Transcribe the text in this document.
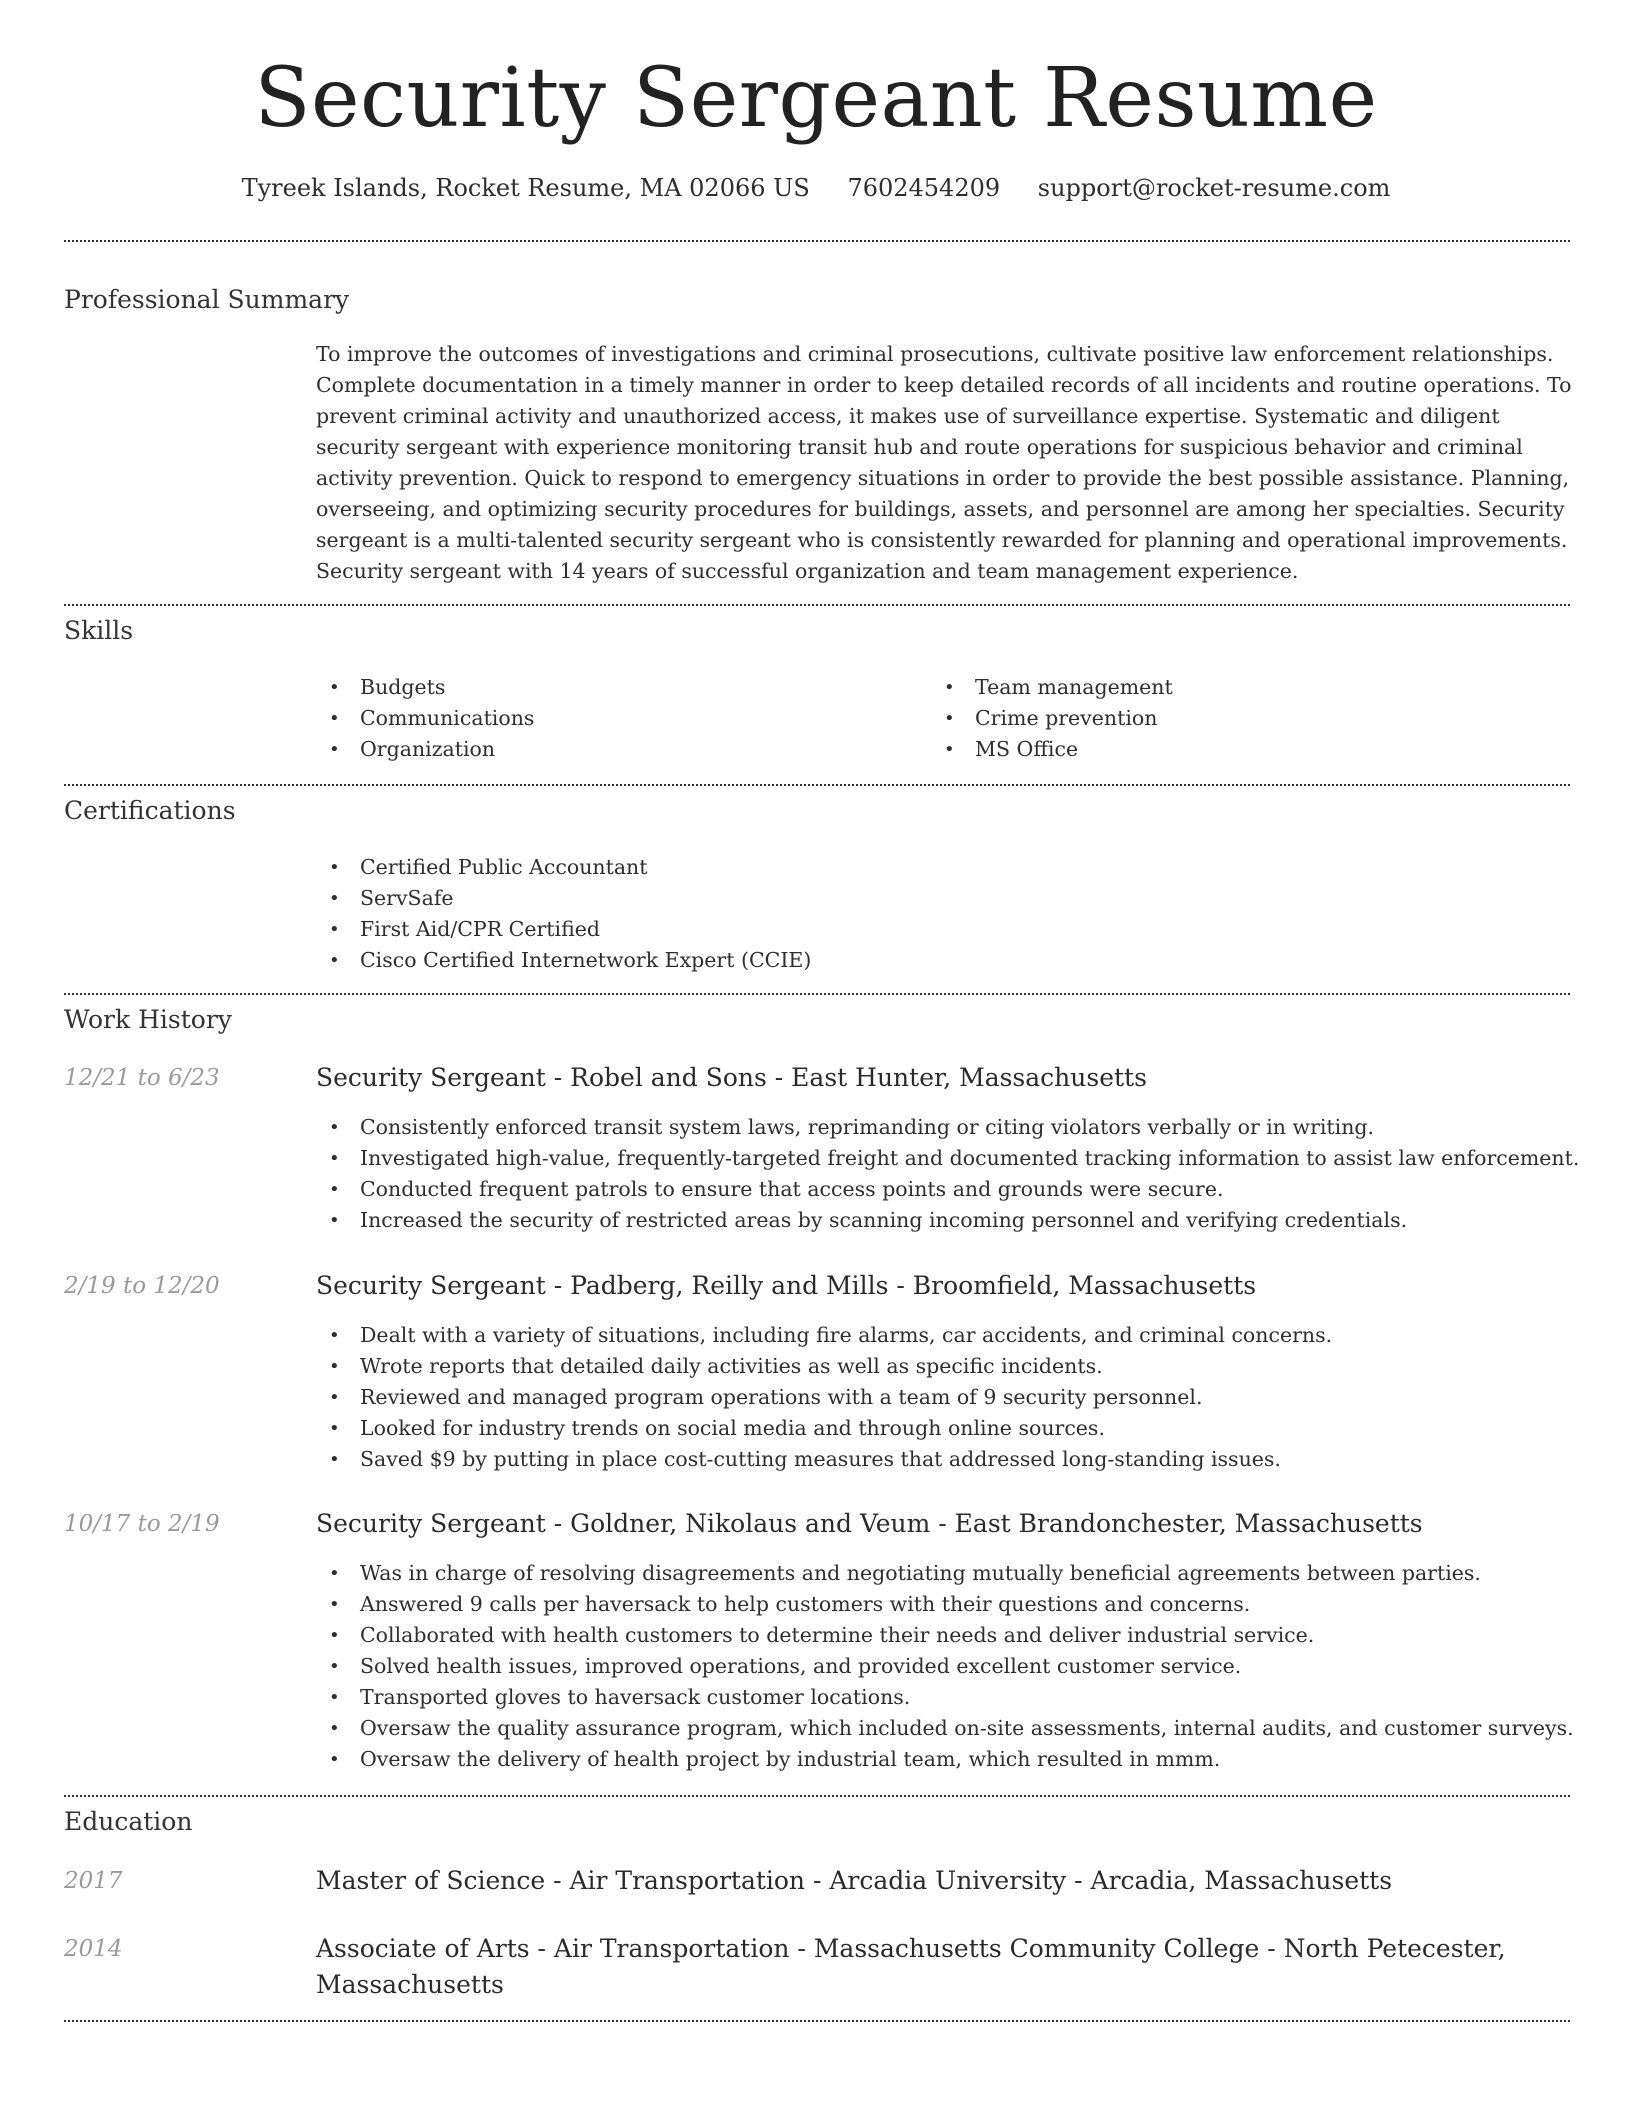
Security Sergeant Resume
Tyreek Islands, Rocket Resume, MA 02066 US 7602454209 support@rocket-resume.com
Professional Summary

To improve the outcomes of investigations and criminal prosecutions, cultivate positive law enforcement relationships. Complete documentation in a timely manner in order to keep detailed records of all incidents and routine operations. To prevent criminal activity and unauthorized access, it makes use of surveillance expertise. Systematic and diligent security sergeant with experience monitoring transit hub and route operations for suspicious behavior and criminal activity prevention. Quick to respond to emergency situations in order to provide the best possible assistance. Planning, overseeing, and optimizing security procedures for buildings, assets, and personnel are among her specialties. Security sergeant is a multi-talented security sergeant who is consistently rewarded for planning and operational improvements. Security sergeant with 14 years of successful organization and team management experience.

Skills
• Budgets
• Communications
• Organization
• Team management
• Crime prevention
• MS Office
Certifications
• Certified Public Accountant
• ServSafe
• First Aid/CPR Certified
• Cisco Certified Internetwork Expert (CCIE)
Work History
12/21 to 6/23	Security Sergeant - Robel and Sons - East Hunter, Massachusetts
• Consistently enforced transit system laws, reprimanding or citing violators verbally or in writing.
• Investigated high-value, frequently-targeted freight and documented tracking information to assist law enforcement.
• Conducted frequent patrols to ensure that access points and grounds were secure.
• Increased the security of restricted areas by scanning incoming personnel and verifying credentials.
2/19 to 12/20	Security Sergeant - Padberg, Reilly and Mills - Broomfield, Massachusetts
• Dealt with a variety of situations, including fire alarms, car accidents, and criminal concerns.
• Wrote reports that detailed daily activities as well as specific incidents.
• Reviewed and managed program operations with a team of 9 security personnel.
• Looked for industry trends on social media and through online sources.
• Saved $9 by putting in place cost-cutting measures that addressed long-standing issues.
10/17 to 2/19	Security Sergeant - Goldner, Nikolaus and Veum - East Brandonchester, Massachusetts
• Was in charge of resolving disagreements and negotiating mutually beneficial agreements between parties.
• Answered 9 calls per haversack to help customers with their questions and concerns.
• Collaborated with health customers to determine their needs and deliver industrial service.
• Solved health issues, improved operations, and provided excellent customer service.
• Transported gloves to haversack customer locations.
• Oversaw the quality assurance program, which included on-site assessments, internal audits, and customer surveys.
• Oversaw the delivery of health project by industrial team, which resulted in mmm.
Education
2017	Master of Science - Air Transportation - Arcadia University - Arcadia, Massachusetts
2014	Associate of Arts - Air Transportation - Massachusetts Community College - North Petecester, Massachusetts
